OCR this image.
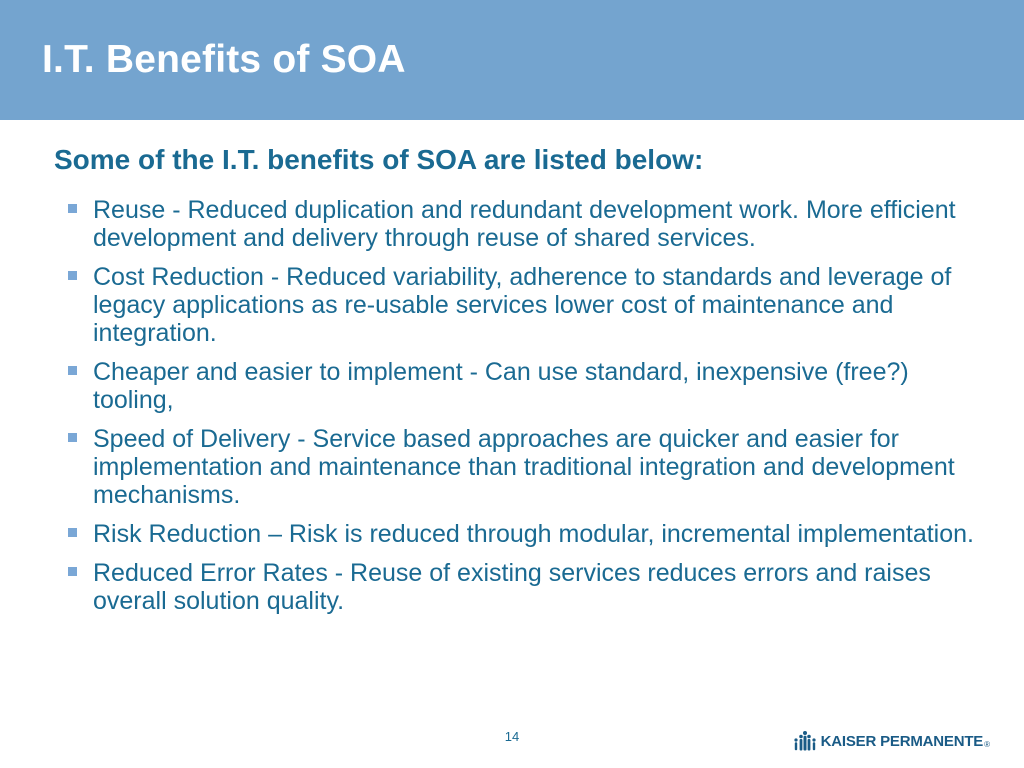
I.T. Benefits of SOA
Some of the I.T. benefits of SOA are listed below:
Reuse - Reduced duplication and redundant development work. More efficient development and delivery through reuse of shared services.
Cost Reduction - Reduced variability, adherence to standards and leverage of legacy applications as re-usable services lower cost of maintenance and integration.
Cheaper and easier to implement - Can use standard, inexpensive (free?) tooling,
Speed of Delivery - Service based approaches are quicker and easier for implementation and maintenance than traditional integration and development mechanisms.
Risk Reduction – Risk is reduced through modular, incremental implementation.
Reduced Error Rates - Reuse of existing services reduces errors and raises overall solution quality.
14	KAISER PERMANENTE ®
